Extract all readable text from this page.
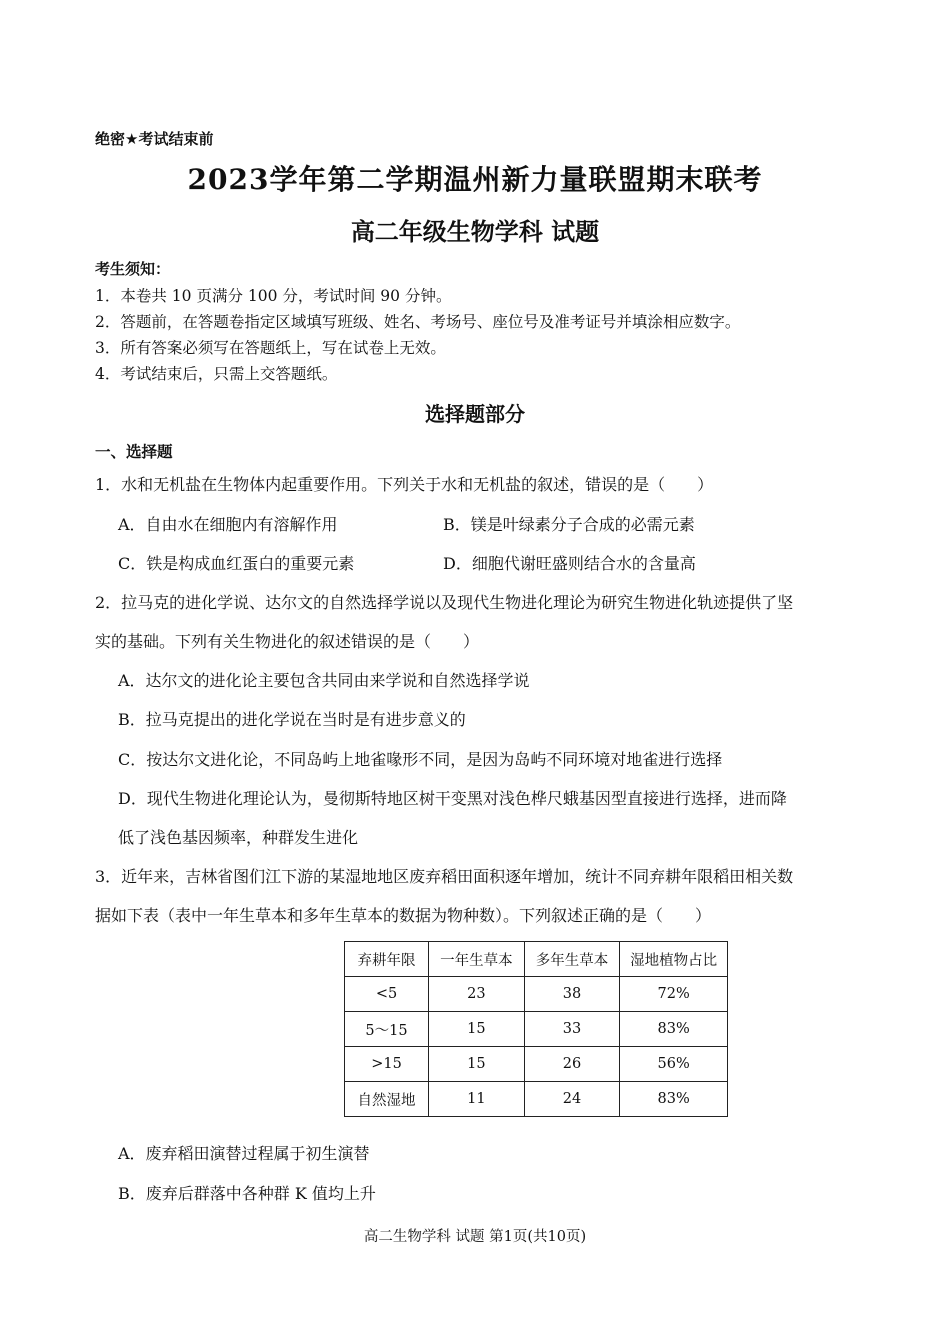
绝密★考试结束前
2023学年第二学期温州新力量联盟期末联考
高二年级生物学科 试题
考生须知：
1．本卷共 10 页满分 100 分，考试时间 90 分钟。
2．答题前，在答题卷指定区域填写班级、姓名、考场号、座位号及准考证号并填涂相应数字。
3．所有答案必须写在答题纸上，写在试卷上无效。
4．考试结束后，只需上交答题纸。
选择题部分
一、选择题
1．水和无机盐在生物体内起重要作用。下列关于水和无机盐的叙述，错误的是（　　）
A．自由水在细胞内有溶解作用	B．镁是叶绿素分子合成的必需元素
C．铁是构成血红蛋白的重要元素	D．细胞代谢旺盛则结合水的含量高
2．拉马克的进化学说、达尔文的自然选择学说以及现代生物进化理论为研究生物进化轨迹提供了坚
实的基础。下列有关生物进化的叙述错误的是（　　）
A．达尔文的进化论主要包含共同由来学说和自然选择学说
B．拉马克提出的进化学说在当时是有进步意义的
C．按达尔文进化论，不同岛屿上地雀喙形不同，是因为岛屿不同环境对地雀进行选择
D．现代生物进化理论认为，曼彻斯特地区树干变黑对浅色桦尺蛾基因型直接进行选择，进而降
低了浅色基因频率，种群发生进化
3．近年来，吉林省图们江下游的某湿地地区废弃稻田面积逐年增加，统计不同弃耕年限稻田相关数
据如下表（表中一年生草本和多年生草本的数据为物种数）。下列叙述正确的是（　　）
弃耕年限	一年生草本	多年生草本	湿地植物占比
<5	23	38	72%
5～15	15	33	83%
>15	15	26	56%
自然湿地	11	24	83%
A．废弃稻田演替过程属于初生演替
B．废弃后群落中各种群 K 值均上升
高二生物学科 试题 第1页(共10页)
